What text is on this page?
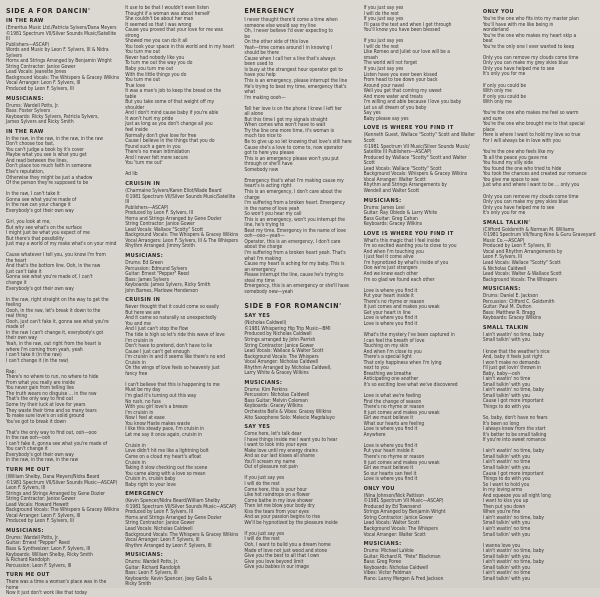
SIDE A FOR DANCIN'
IN THE RAW

(Emeritus Music Ltd./Patricia Sylvers/Dana Meyers
©1981 Spectrum VII/Silver Sounds Music/Satellite III
Publishers—ASCAP)
Words and Music by Leon F. Sylvers, III & Nidra Sylvers
Horns and Strings Arranged by Benjamin Wright
String Contractor: Janice Gower
Lead Vocals: Jeanette Jones
Background Vocals: The Whispers & Gracey Wilkins
Vocal Arranger: Leon F. Sylvers, III
Produced by Leon F. Sylvers, III

MUSICIANS:

Drums: Wardell Potts, Jr.
Bass: Foster Sylvers
Keyboards: Ricky Sylvers, Patricia Sylvers,
James Sylvers and Ricky Smith

IN THE RAW

In the raw, in the raw, in the raw, in the raw
Don't choose too fast,
You can't judge a book by it's cover
Maybe what you see is what you get
And read between the lines,
Don't place too much faith in someone
Else's reputation,
Otherwise they might be just a shadow
Of the person they're supposed to be

In the raw, I can't take it
Gonna see what you're made of
In the raw can your change it
Everybody's got their own way

Girl, you look at me,
But why see what's on the surface
I might just be what you expect of me
But there's that possibility
Just may a world of my make what's on your mind

Cause whatever I tell you, you know I'm from
the heart
And that's the bottom line. Ooh, in the raw
Just can't take it
Gonna see what you're made of, I can't
change it
Everybody's got their own way

In the raw, right straight on the way to get the
feeling
Oooh, in the raw, let's break it down to the
real thing
Oooh, just can't fake it, gonna see what you're
made of
In the raw I can't change it, everybody's got
their own way
Yeah, in the raw, out right from the heart is
where I'm coming from yeah, yeah
I can't take it (in the raw)
I can't change it (in the raw)

Rap:
There's no where to run, no where to hide
From what you really are inside
You never gain from telling lies
The truth wears no disguise ... in the raw
That's the only way to find out
Some try their luck at love for years
They waste their time and so many tears
To make sure love's on solid ground
You've got to break it down

That's the only way to find out, ooh—ooo
In the raw ooh—ooh
I can't fake it, gonna see what you're made of
You can't change it
Everybody's got their own way
In the raw, in the raw, in the raw

TURN ME OUT

(William Shelby, Dana Meyers/Nidra Beard
©1981 Spectrum VII/Silver Sounds Music—ASCAP)
Leon F. Sylvers, III
Strings and Strings Arranged by Gene Dozier
String Contractor: Janice Gower
Lead Vocals: Howard Hewett
Background Vocals: The Whispers & Gracey Wilkins
Vocal Arranger: Leon F. Sylvers, III
Produced by Leon F. Sylvers, III

MUSICIANS:

Drums: Wardell Potts, Jr.
Guitar: Ernest "Pepper" Reed
Bass & Synthesizer: Leon F. Sylvers, III
Keyboards: William Shelby, Ricky Smith
& Richard Randolph
Percussion: Leon F. Sylvers, III

TURN ME OUT

There was a time a woman's place was in the
home
Now it just don't work like that today

It use to be that I wouldn't even listen
Thought if a woman was about herself
She couldn't be about her man
It seemed so that I was wrong
Cause you proved that your love for me was
strong
Showed me you can do it all
You took your space in this world and in my heart
You turn me out
Never had nobody like you
To turn me out the way you do
Baby you turn me out
With the little things you do
You turn me out
True love
It was a man's job to keep the bread on the
table
But you take some of that weight off my
shoulder
And I don't mind cause baby if you're able
It won't hurt my pride
Just as long as you don't change all you
feel inside
Normally don't give love for free
Cause I believe in the things that you do
Found such a gem in you
There's no mean intimidation
And I never felt more secure
You 'turn me out'

Ad lib

CRUISIN IN

(Charmaine Sylvers/Karen Eliot/Wade Beard
©1981 Spectrum VII/Silver Sounds Music/Satellite III
Publishers—ASCAP)
Produced by Leon F. Sylvers, III
Horns and Strings Arranged by Gene Dozier
String Contractor: Janice Gower
Lead Vocals: Wallace "Scotty" Scott
Background Vocals: The Whispers & Gracey Wilkins
Vocal Arrangers: Leon F. Sylvers, III & The Whispers
Rhythm Arranged: Jimmy Smith

MUSICIANS:

Drums: Ed Green
Percussion: Edmund Sylvers
Guitar: Ernest "Pepper" Reed
Bass: James Sylvers
Keyboards: James Sylvers, Ricky Smith
John Barnes, Marlowe Henderson

CRUISIN IN

Never thought that it could come so easily
But here we are
And it came so naturally so unexpectedly
You and me
And I just can't stop the flow
The tide is high so let's ride this wave of love
I'm cruisin in
Don't have to pretend, don't have to lie
Cause I just can't get enough
I'm cruisin in and it seems like there's no end
Cruisin in
On the wings of love feels so heavenly just
fancy free

I can't believe that this is happening to me
Must be my day
I'm glad it's turning out this way
No rush, no fuss
With you girl love's a breeze
I'm cruisin in
Now I feel at ease
You know Haste makes waste
I like this steady pace, I'm cruisin in
Let me say it once again, cruisin in

Cruisin in
Love didn't hit me like a lightning bolt
Came on a cloud my heart's afloat
Cruisin in
Taking it slow checking out the scene
You came along with a love so mean
Cruisin in, cruisin baby
Baby right to your love

EMERGENCY

(Kevin Spencer/Nidra Beard/William Shelby
©1981 Spectrum VII/Silver Sounds Music—ASCAP)
Produced by Leon F. Sylvers, III
Horns and Strings Arranged by Gene Dozier
String Contractor: Janice Gower
Lead Vocals: Nicholas Caldwell
Background Vocals: The Whispers & Gracey Wilkins
Vocal Arranger: Leon F. Sylvers, III
Rhythm Arranged by Leon F. Sylvers, III

MUSICIANS:

Drums: Wardell Potts, Jr.
Guitar: Richard Randolph
Bass: Leon F. Sylvers, III
Keyboards: Kevin Spencer, Joey Gallo &
Ricky Smith

EMERGENCY

I never thought there'd come a time when
someone else would say my line
Oh, I never believe I'd ever expecting to
be
On the other side of this love
Yeah—time comes around I in knowing I
should be there
Cause when I call her a line that's always
been used to
Is busy at the strangest hour operator got to
have you help
This is an emergency, please interrupt the line
He's trying to beat my time, emergency that's
what
I'm making oooh—

Tell her love is on the phone I know I left her
all alone
But this time I got my signals straight
When comes who won't have to wait
Try the line one more time, it's woman is
much too nice to
Be to give up so let knowing that love's still here
Cause she's a love to come to, now operator
got to here you please
This is an emergency please won't you put
through or she'll have
Somebody new

Emergency that's what I'm making cause my
heart's is acting right
This is an emergency, I don't care about the
charge
I'm suffering from a broken heart. Emergency
in the name of love yeah
So won't you hear my call
This is an emergency, won't you interrupt the
line, he's trying to
Beat my time. Emergency in the name of love
ooh—ooo—yeah—
Operator, this is an emergency, I don't care
about the charge
I'm suffering from a broken heart yeah. That's
what I'm making
Cause my heart is aching for my baby. This is
an emergency
Please interrupt the line, cause he's trying to
steal my time
Emergency, this is an emergency or she'll have
somebody new—yeah

SIDE B FOR ROMANCIN'
SAY YES

(Nicholas Caldwell)
©1981 Whispering Hip Trip Music—BMI
Produced by Nicholas Caldwell
Strings arranged by John Parrish
String Contractor: Janice Gower
Lead Vocals: Wallace & Walter Scott
Background Vocals: The Whispers
Vocal Arranger: Nicholas Caldwell
Rhythm Arranged by Nicholas Caldwell,
Larry White & Gracey Wilkins

MUSICIANS:

Drums: Kim Perkins
Percussion: Nicholas Caldwell
Bass Guitar: Melvin Coleman
Keyboards: Gracey Wilkins
Orchestra Bells & Vibes: Gracey Wilkins
Alto Saxophone Solo: Melecio Magdaluyo

SAY YES

Come here, let's talk dear
I have things inside me I want you to hear
I want to look into your eyes
Make love until my energy drains
And as our last kisses all shame
You'll scream my name
Out of pleasure not pain

If you just say yes
I will do the rest
Come here, this is your hour
Like hot raindrops on a flower
Come bathe in my love shower
Then let me blow your body dry
Kiss the tears from your eyes
And as your passion begins to rise
We'll be hypnotized by the pleasure inside

If you just say yes
I will do the rest
Ooh, I want to build you a dream home
Made of love not just wood and stone
Give you the best to all that I own
Give you love beyond limit
Give you babies in our image

If you just say yes
I will do the rest
If you just say yes
I'll pass the test and when I get through
You'll know you have been blessed

If you just say yes
I will do the rest
Like Romeo and Juliet our love will be a
smash
The world will not forget
If you just say yes
Listen have you ever been kissed
From head to toe down your back
Around your navel
Well you get that coming my sweet
And more water and treats
I'm willing and able because I love you baby
Let us all dream of you baby
Say yes
Baby please say yes

LOVE IS WHERE YOU FIND IT

(Kenneth Guest, Wallace "Scotty" Scott and Walter Scott
©1981 Spectrum VII Music/Silver Sounds Music/
Satellite III Publishers—ASCAP)
Produced by Wallace "Scotty" Scott and Walter Scott
Lead Vocals: Wallace "Scotty" Scott
Background Vocals: Whispers & Gracey Wilkins
Vocal Arranger: Walter Scott
Rhythm and Strings Arrangements by
Wendell and Walter Scott

MUSICIANS:

Drums: James Levi
Guitar: Ray Obiedo & Larry White
Bass Guitar: Greg Cahan
Keyboards: Gracey Wilkins

LOVE IS WHERE YOU FIND IT

What's this magic that I feel inside
I'm so excited wanting you to close to you
And when I'm touching you
I just feel it come alive
I'm hypnotized by what's inside of you
Ooo we're just strangers
And we knew each other
I'm so glad we found each other

Love is where you find it
Put your heart inside it
There's no rhyme or reason
It just comes and makes you weak
Get your heart in line
Love is where you find it
Love is where you find it

What's the mystery I've been captured in
I can feel the breath of love
Touching on my skin
And when I'm close to you
There's a special light
That only happiness when I'm lying
next to you
Breathing we breathe
Anticipating one another
It's so exciting love what we've discovered

Love is what we're feeling
Find the change of season
There's no rhyme or reason
It just comes and makes you weak
Girl we must believe it
What our hearts are feeling
Love is where you find it
Anywhere

Love is where you find it
Put your heart inside it
There's no rhyme or reason
It just comes and makes you weak
Girl we must believe it
So our hearts can feel it
Love is where you find it

ONLY YOU

(Nina Johnson/Nick Pattison
©1981 Spectrum VII Music—ASCAP)
Produced by Ed Townsend
Strings Arranged by Benjamin Wright
String Contractor: Janice Gower
Lead Vocals: Walter Scott
Background Vocals: The Whispers
Vocal Arranger: Walter Scott

MUSICIANS:

Drums: Michael LaVoie
Guitar: Richard R. "Pete" Blackman
Bass: Greg Poree
Keyboards: Nicholas Caldwell
Vibes: Victor Feldman
Piano: Lanny Mergen & Fred Jackson

ONLY YOU

You're the one who fits into my master plan
You'll have with me like being in
wonderland
You're the one who makes my heart skip a
beat
You're the only one I ever wanted to keep

Only you can remove my clouds come time
Only you can make my grey skies blue
Only you have helped me to see
It's only you for me

If only you could be
With only me
If only you could be
With only me

You're the one who makes me feel so warm
and sure
You're the one who brought me to that special
place
Here is where I want to hold my love so true
For I will always be in love with you

You're the one who feels like my
To all the peace you gave me
You found my silly side
You found the one who tried to hide
You took the chances and created our romance
You give me space to see
Just who and where I want to be ... only you

Only you can remove my clouds come time
Only you can make my grey skies blue
Only you have helped me to see
It's only you for me

SMALL TALKIN'

(Clifford Goldsmith & Norman M. Williams
©1981 Spectrum VII/Young Nine & Guru Graveyard
Music Co.—ASCAP)
Produced by Leon F. Sylvers, III
Vocal and Rhythm Arrangements by
Leon F. Sylvers, III
Lead Vocals: Wallace "Scotty" Scott
& Nicholas Caldwell
Lead Vocals: Walter & Wallace Scott
Background Vocals: The Whispers

MUSICIANS:

Drums: Daniel E. Jackson
Percussion: Clifford C. Goldsmith
Guitar: Paul M. Dutton
Bass: Matthew R. Bragg
Keyboards: Gracey Wilkins

SMALL TALKIN

I ain't wastin' no time, baby
Small talkin' with you

I know that the weather's nice
And, baby it feels just right
I won't make no demands
I'll just get lovin' thrown in
Baby, baby—ooh
I ain't wastin' no time
Small talkin' with you
I ain't wastin' no time, baby
Small talkin' with you
Cause I got more important
Things to do with you

So, baby, don't have no fears
It's been so long
I always knew from the start
It's better to be small talking
If you're into sweet romance

I ain't wastin' no time, baby
Small talkin' with you
I ain't wastin' no time
Small talkin' with you
Cause I got more important
Things to do with you
So I want to hold you
In my loving arms
And squeeze you all night long
I want to kiss you up
Then put you down
When you're fine
I ain't wastin' no time, baby
Small talkin' with you
I ain't wastin' no time
Small talkin' with you

I wanna love you
I ain't wastin' no time, baby
Small talkin' with you
I ain't wastin' no time, baby
Small talkin' with you
I ain't wastin' no time
Small talkin' with you
